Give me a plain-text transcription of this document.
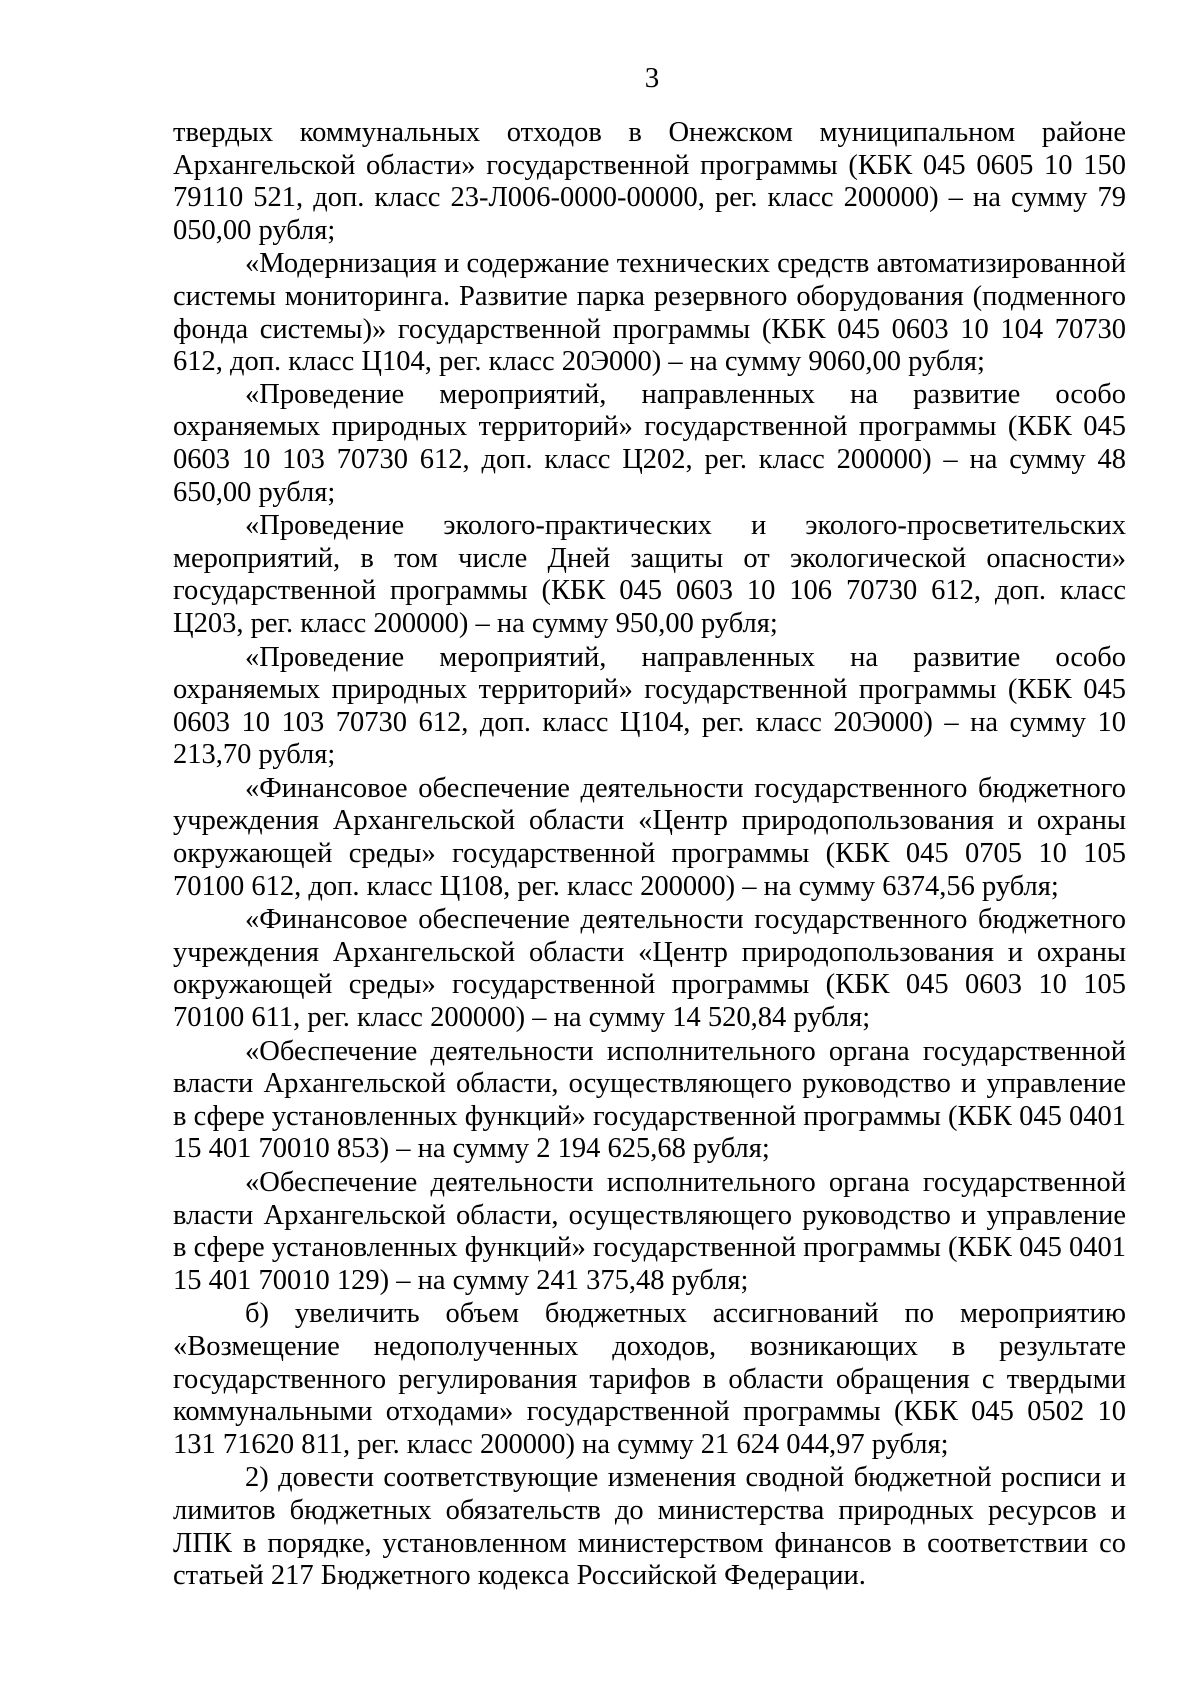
3

твердых коммунальных отходов в Онежском муниципальном районе Архангельской области» государственной программы (КБК 045 0605 10 150 79110 521, доп. класс 23-Л006-0000-00000, рег. класс 200000) – на сумму 79 050,00 рубля;

«Модернизация и содержание технических средств автоматизированной системы мониторинга. Развитие парка резервного оборудования (подменного фонда системы)» государственной программы (КБК 045 0603 10 104 70730 612, доп. класс Ц104, рег. класс 20Э000) – на сумму 9060,00 рубля;

«Проведение мероприятий, направленных на развитие особо охраняемых природных территорий» государственной программы (КБК 045 0603 10 103 70730 612, доп. класс Ц202, рег. класс 200000) – на сумму 48 650,00 рубля;

«Проведение эколого-практических и эколого-просветительских мероприятий, в том числе Дней защиты от экологической опасности» государственной программы (КБК 045 0603 10 106 70730 612, доп. класс Ц203, рег. класс 200000) – на сумму 950,00 рубля;

«Проведение мероприятий, направленных на развитие особо охраняемых природных территорий» государственной программы (КБК 045 0603 10 103 70730 612, доп. класс Ц104, рег. класс 20Э000) – на сумму 10 213,70 рубля;

«Финансовое обеспечение деятельности государственного бюджетного учреждения Архангельской области «Центр природопользования и охраны окружающей среды» государственной программы (КБК 045 0705 10 105 70100 612, доп. класс Ц108, рег. класс 200000) – на сумму 6374,56 рубля;

«Финансовое обеспечение деятельности государственного бюджетного учреждения Архангельской области «Центр природопользования и охраны окружающей среды» государственной программы (КБК 045 0603 10 105 70100 611, рег. класс 200000) – на сумму 14 520,84 рубля;

«Обеспечение деятельности исполнительного органа государственной власти Архангельской области, осуществляющего руководство и управление в сфере установленных функций» государственной программы (КБК 045 0401 15 401 70010 853) – на сумму 2 194 625,68 рубля;

«Обеспечение деятельности исполнительного органа государственной власти Архангельской области, осуществляющего руководство и управление в сфере установленных функций» государственной программы (КБК 045 0401 15 401 70010 129) – на сумму 241 375,48 рубля;

б) увеличить объем бюджетных ассигнований по мероприятию «Возмещение недополученных доходов, возникающих в результате государственного регулирования тарифов в области обращения с твердыми коммунальными отходами» государственной программы (КБК 045 0502 10 131 71620 811, рег. класс 200000) на сумму 21 624 044,97 рубля;

2) довести соответствующие изменения сводной бюджетной росписи и лимитов бюджетных обязательств до министерства природных ресурсов и ЛПК в порядке, установленном министерством финансов в соответствии со статьей 217 Бюджетного кодекса Российской Федерации.
